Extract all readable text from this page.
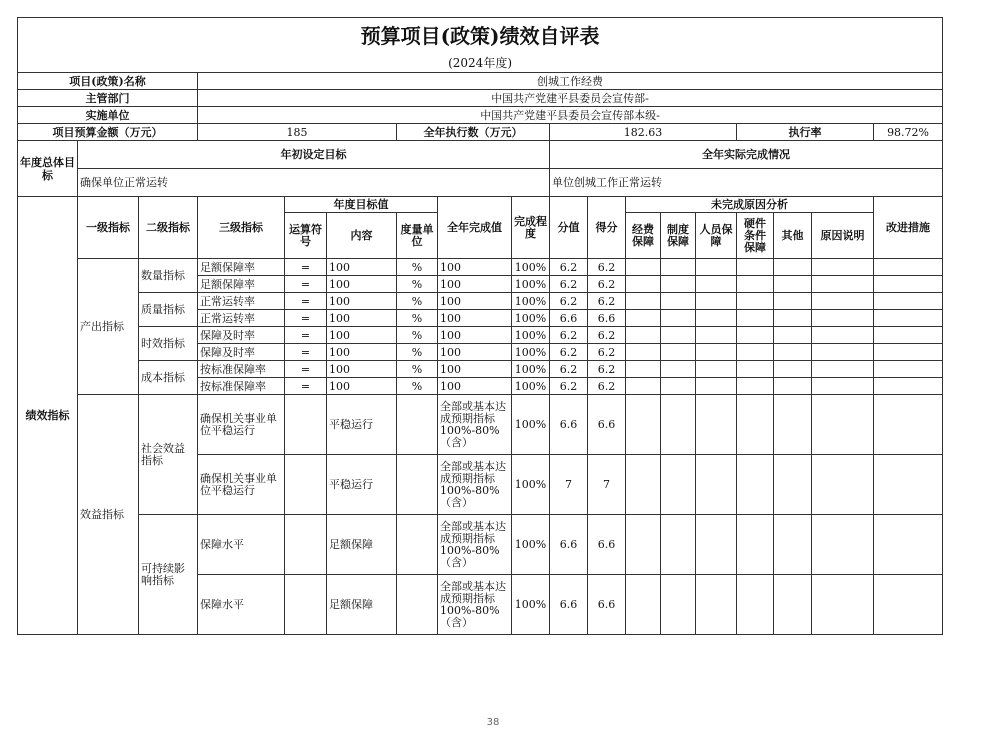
预算项目(政策)绩效自评表																	
(2024年度)																	
项目(政策)名称			创城工作经费														
主管部门			中国共产党建平县委员会宣传部-														
实施单位			中国共产党建平县委员会宣传部本级-														
项目预算金额（万元）			185			全年执行数（万元）			182.63					执行率			98.72%
年度总体目标	年初设定目标								全年实际完成情况								
	确保单位正常运转								单位创城工作正常运转								
绩效指标	一级指标	二级指标	三级指标	年度目标值			全年完成值	完成程度	分值	得分	未完成原因分析						改进措施
				运算符号	内容	度量单位					经费保障	制度保障	人员保障	硬件条件保障	其他	原因说明	
	产出指标	数量指标	足额保障率	=	100	%	100	100%	6.2	6.2							
			足额保障率	=	100	%	100	100%	6.2	6.2							
		质量指标	正常运转率	=	100	%	100	100%	6.2	6.2							
			正常运转率	=	100	%	100	100%	6.6	6.6							
		时效指标	保障及时率	=	100	%	100	100%	6.2	6.2							
			保障及时率	=	100	%	100	100%	6.2	6.2							
		成本指标	按标准保障率	=	100	%	100	100%	6.2	6.2							
			按标准保障率	=	100	%	100	100%	6.2	6.2							
	效益指标	社会效益指标	确保机关事业单位平稳运行		平稳运行		全部或基本达成预期指标100%-80%（含）	100%	6.6	6.6							
			确保机关事业单位平稳运行		平稳运行		全部或基本达成预期指标100%-80%（含）	100%	7	7							
		可持续影响指标	保障水平		足额保障		全部或基本达成预期指标100%-80%（含）	100%	6.6	6.6							
			保障水平		足额保障		全部或基本达成预期指标100%-80%（含）	100%	6.6	6.6							
38
